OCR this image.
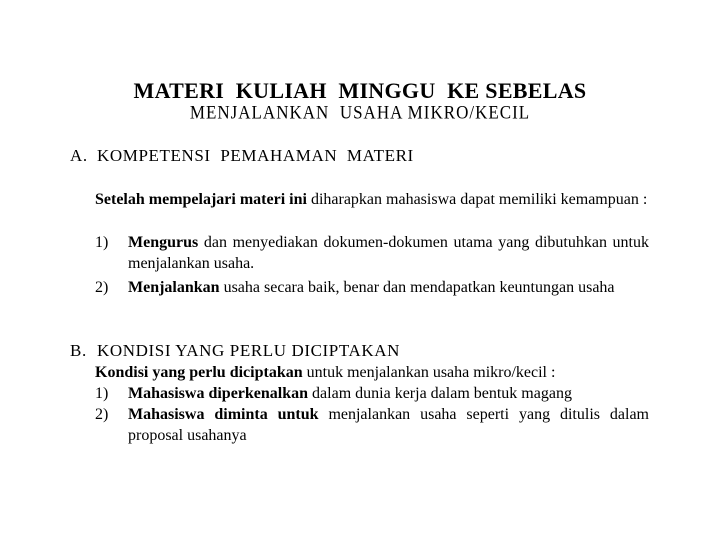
MATERI  KULIAH  MINGGU  KE SEBELAS
MENJALANKAN  USAHA MIKRO/KECIL
A. KOMPETENSI  PEMAHAMAN  MATERI

Setelah mempelajari materi ini diharapkan mahasiswa dapat memiliki kemampuan :

1) Mengurus dan menyediakan dokumen-dokumen utama yang dibutuhkan untuk menjalankan usaha.
2) Menjalankan usaha secara baik, benar dan mendapatkan keuntungan usaha
B. KONDISI YANG PERLU DICIPTAKAN

Kondisi yang perlu diciptakan untuk menjalankan usaha mikro/kecil :

1) Mahasiswa diperkenalkan dalam dunia kerja dalam bentuk magang
2) Mahasiswa diminta untuk menjalankan usaha seperti yang ditulis dalam proposal usahanya
